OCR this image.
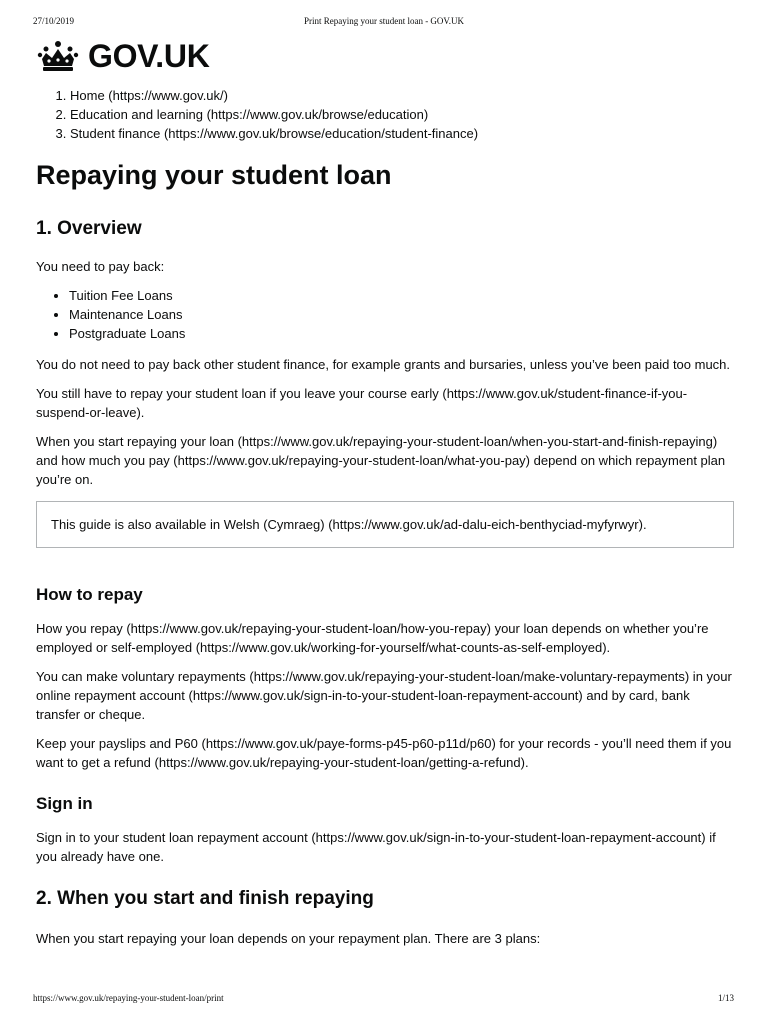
27/10/2019	Print Repaying your student loan - GOV.UK
GOV.UK
1. Home (https://www.gov.uk/)
2. Education and learning (https://www.gov.uk/browse/education)
3. Student finance (https://www.gov.uk/browse/education/student-finance)
Repaying your student loan
1. Overview

You need to pay back:

• Tuition Fee Loans
• Maintenance Loans
• Postgraduate Loans

You do not need to pay back other student finance, for example grants and bursaries, unless you’ve been paid too much.

You still have to repay your student loan if you leave your course early (https://www.gov.uk/student-finance-if-you-suspend-or-leave).

When you start repaying your loan (https://www.gov.uk/repaying-your-student-loan/when-you-start-and-finish-repaying) and how much you pay (https://www.gov.uk/repaying-your-student-loan/what-you-pay) depend on which repayment plan you’re on.

This guide is also available in Welsh (Cymraeg) (https://www.gov.uk/ad-dalu-eich-benthyciad-myfyrwyr).
How to repay

How you repay (https://www.gov.uk/repaying-your-student-loan/how-you-repay) your loan depends on whether you’re employed or self-employed (https://www.gov.uk/working-for-yourself/what-counts-as-self-employed).

You can make voluntary repayments (https://www.gov.uk/repaying-your-student-loan/make-voluntary-repayments) in your online repayment account (https://www.gov.uk/sign-in-to-your-student-loan-repayment-account) and by card, bank transfer or cheque.

Keep your payslips and P60 (https://www.gov.uk/paye-forms-p45-p60-p11d/p60) for your records - you’ll need them if you want to get a refund (https://www.gov.uk/repaying-your-student-loan/getting-a-refund).

Sign in

Sign in to your student loan repayment account (https://www.gov.uk/sign-in-to-your-student-loan-repayment-account) if you already have one.

2. When you start and finish repaying

When you start repaying your loan depends on your repayment plan. There are 3 plans:

https://www.gov.uk/repaying-your-student-loan/print	1/13
